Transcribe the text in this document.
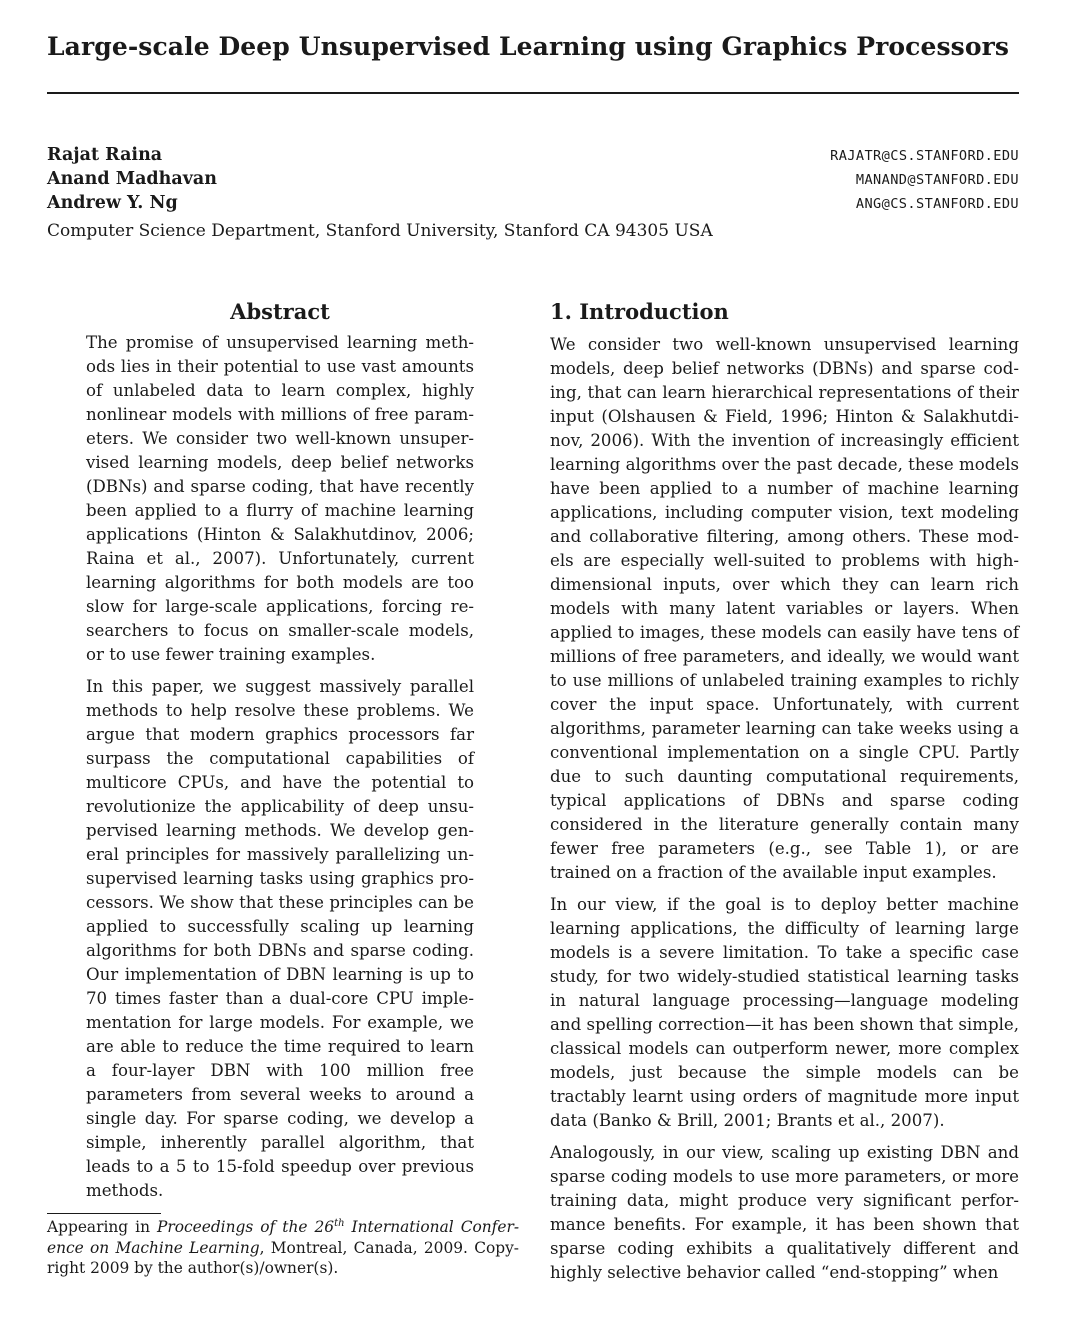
Large-scale Deep Unsupervised Learning using Graphics Processors
Rajat Raina	RAJATR@CS.STANFORD.EDU
Anand Madhavan	MANAND@STANFORD.EDU
Andrew Y. Ng	ANG@CS.STANFORD.EDU
Computer Science Department, Stanford University, Stanford CA 94305 USA
Abstract

The promise of unsupervised learning methods lies in their potential to use vast amounts of unlabeled data to learn complex, highly nonlinear models with millions of free parameters. We consider two well-known unsupervised learning models, deep belief networks (DBNs) and sparse coding, that have recently been applied to a flurry of machine learning applications (Hinton & Salakhutdinov, 2006; Raina et al., 2007). Unfortunately, current learning algorithms for both models are too slow for large-scale applications, forcing researchers to focus on smaller-scale models, or to use fewer training examples.

In this paper, we suggest massively parallel methods to help resolve these problems. We argue that modern graphics processors far surpass the computational capabilities of multicore CPUs, and have the potential to revolutionize the applicability of deep unsupervised learning methods. We develop general principles for massively parallelizing unsupervised learning tasks using graphics processors. We show that these principles can be applied to successfully scaling up learning algorithms for both DBNs and sparse coding. Our implementation of DBN learning is up to 70 times faster than a dual-core CPU implementation for large models. For example, we are able to reduce the time required to learn a four-layer DBN with 100 million free parameters from several weeks to around a single day. For sparse coding, we develop a simple, inherently parallel algorithm, that leads to a 5 to 15-fold speedup over previous methods.

1. Introduction

We consider two well-known unsupervised learning models, deep belief networks (DBNs) and sparse coding, that can learn hierarchical representations of their input (Olshausen & Field, 1996; Hinton & Salakhutdinov, 2006). With the invention of increasingly efficient learning algorithms over the past decade, these models have been applied to a number of machine learning applications, including computer vision, text modeling and collaborative filtering, among others. These models are especially well-suited to problems with high-dimensional inputs, over which they can learn rich models with many latent variables or layers. When applied to images, these models can easily have tens of millions of free parameters, and ideally, we would want to use millions of unlabeled training examples to richly cover the input space. Unfortunately, with current algorithms, parameter learning can take weeks using a conventional implementation on a single CPU. Partly due to such daunting computational requirements, typical applications of DBNs and sparse coding considered in the literature generally contain many fewer free parameters (e.g., see Table 1), or are trained on a fraction of the available input examples.

In our view, if the goal is to deploy better machine learning applications, the difficulty of learning large models is a severe limitation. To take a specific case study, for two widely-studied statistical learning tasks in natural language processing—language modeling and spelling correction—it has been shown that simple, classical models can outperform newer, more complex models, just because the simple models can be tractably learnt using orders of magnitude more input data (Banko & Brill, 2001; Brants et al., 2007).

Analogously, in our view, scaling up existing DBN and sparse coding models to use more parameters, or more training data, might produce very significant performance benefits. For example, it has been shown that sparse coding exhibits a qualitatively different and highly selective behavior called “end-stopping” when

Appearing in Proceedings of the 26th International Conference on Machine Learning, Montreal, Canada, 2009. Copyright 2009 by the author(s)/owner(s).
